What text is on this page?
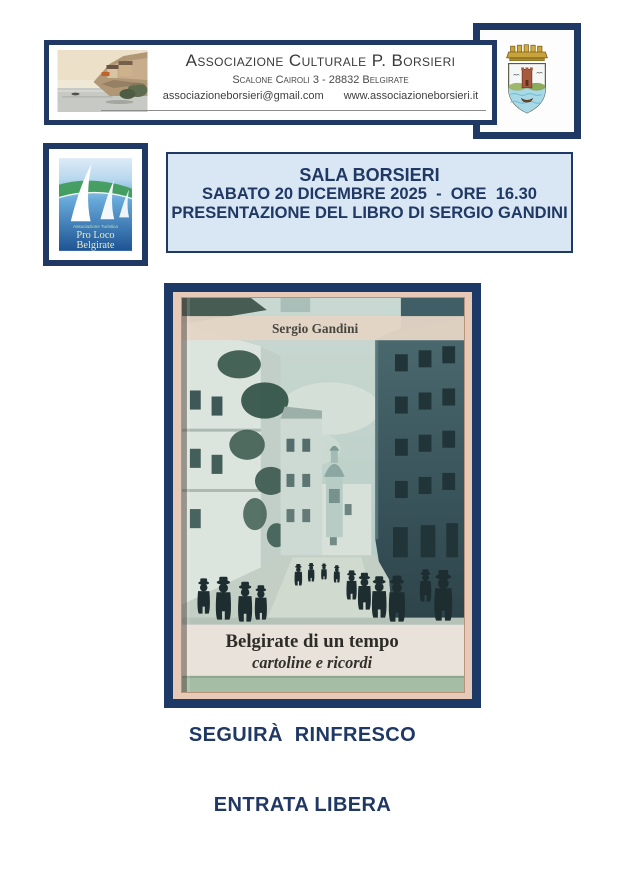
Associazione Culturale P. Borsieri
Scalone Cairoli 3 - 28832 Belgirate
associazioneborsieri@gmail.com www.associazioneborsieri.it
Associazione Turistica
Pro Loco
Belgirate

SALA BORSIERI

SABATO 20 DICEMBRE 2025  -  ORE  16.30

PRESENTAZIONE DEL LIBRO DI SERGIO GANDINI

Sergio Gandini
Belgirate di un tempo
cartoline e ricordi
SEGUIRÀ  RINFRESCO
ENTRATA LIBERA
